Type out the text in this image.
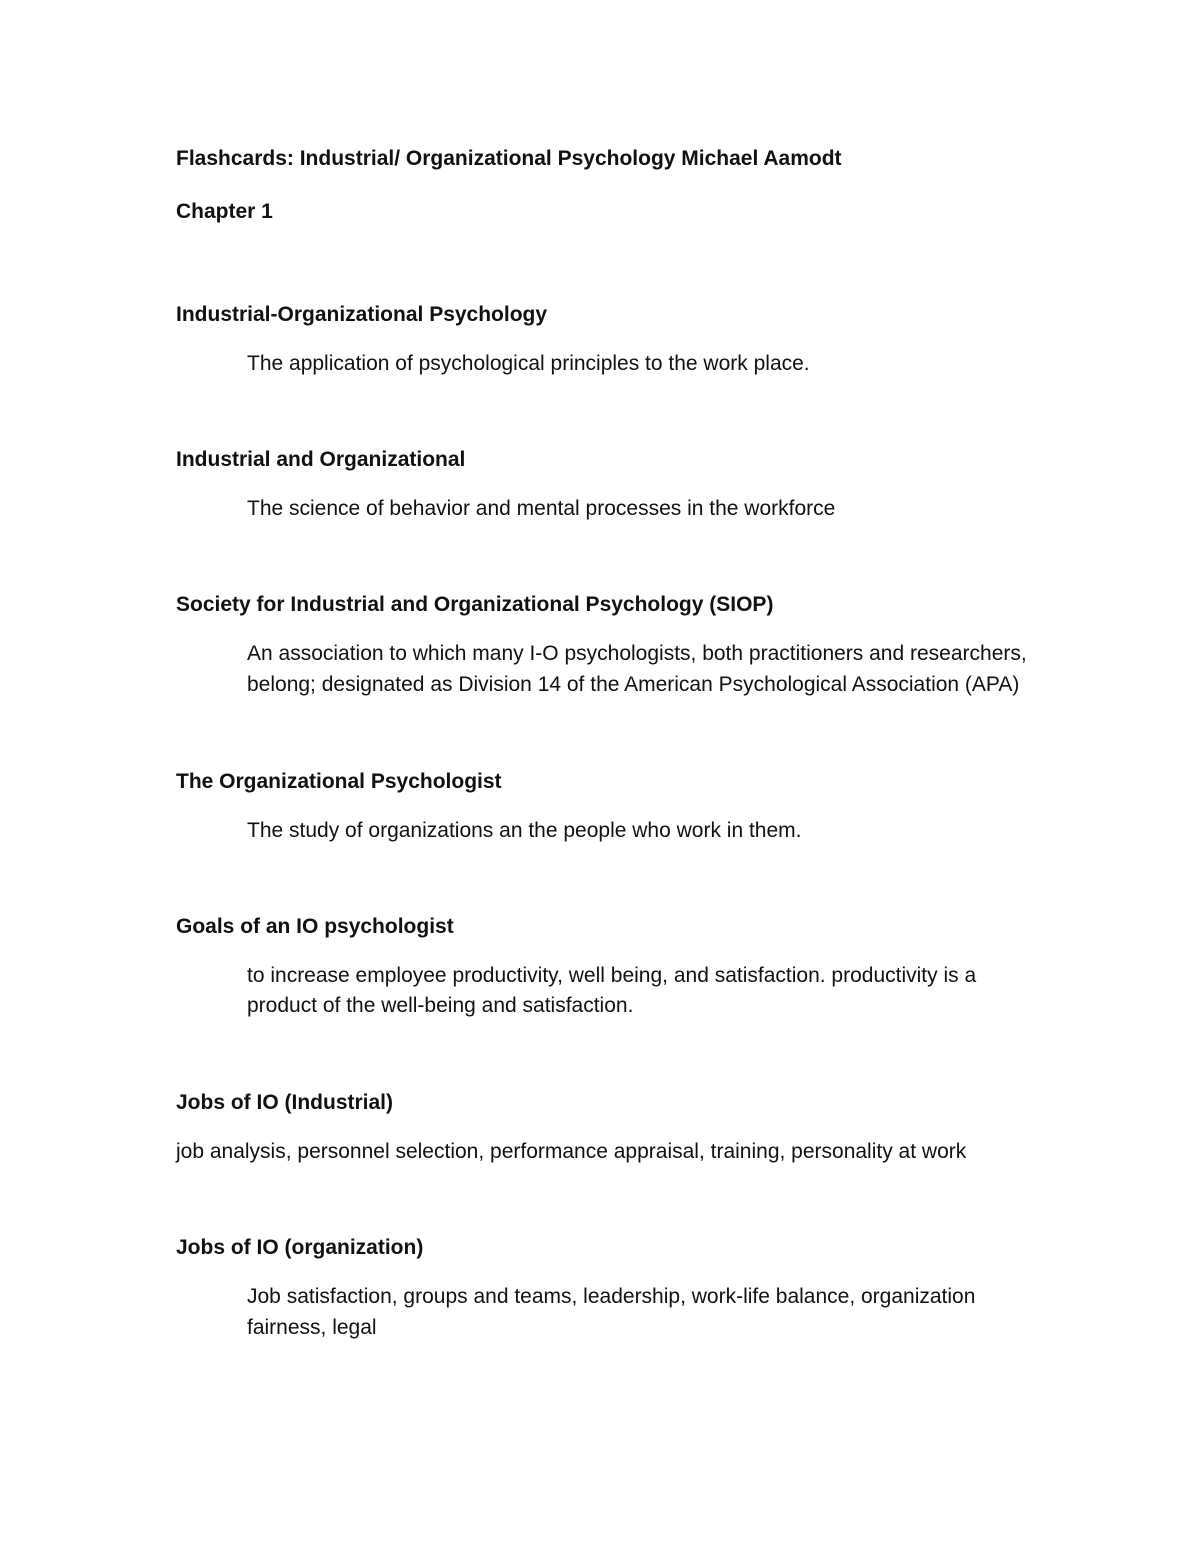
Flashcards: Industrial/ Organizational Psychology Michael Aamodt
Chapter 1
Industrial-Organizational Psychology
The application of psychological principles to the work place.
Industrial and Organizational
The science of behavior and mental processes in the workforce
Society for Industrial and Organizational Psychology (SIOP)
An association to which many I-O psychologists, both practitioners and researchers,
belong; designated as Division 14 of the American Psychological Association (APA)
The Organizational Psychologist
The study of organizations an the people who work in them.
Goals of an IO psychologist
to increase employee productivity, well being, and satisfaction. productivity is a
product of the well-being and satisfaction.
Jobs of IO (Industrial)
job analysis, personnel selection, performance appraisal, training, personality at work
Jobs of IO (organization)
Job satisfaction, groups and teams, leadership, work-life balance, organization
fairness, legal
